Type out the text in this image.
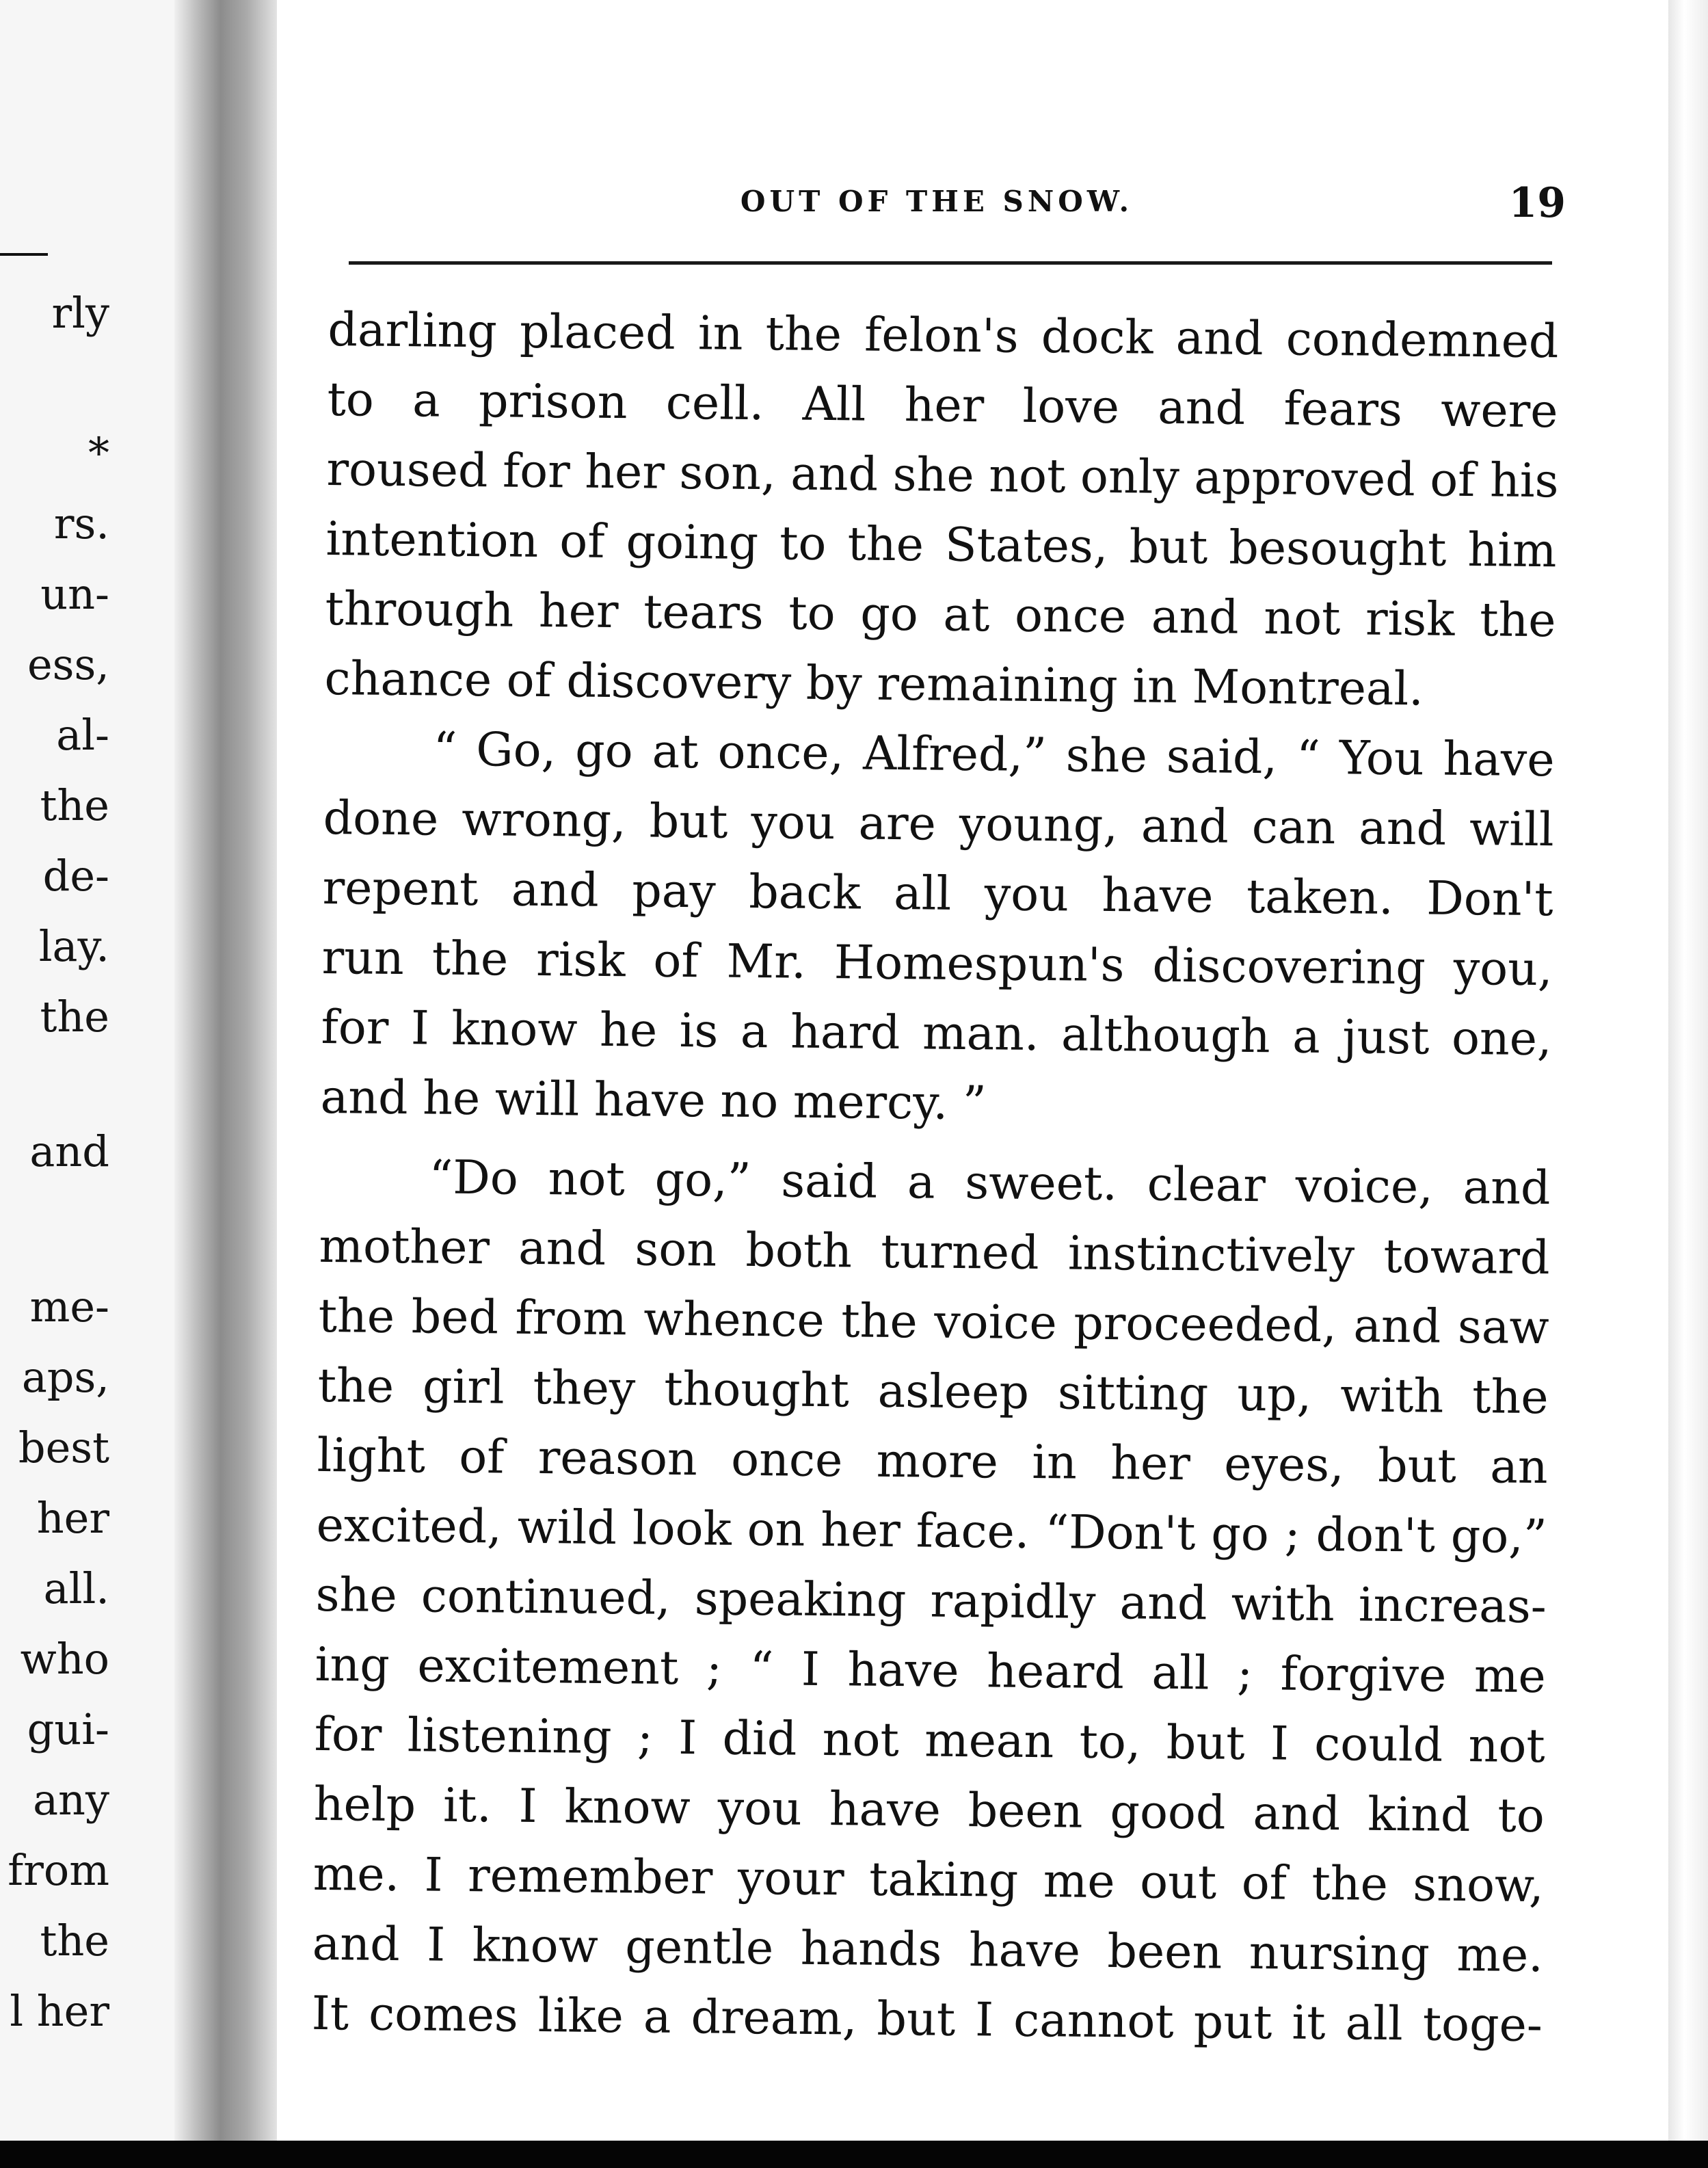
rly
*
rs.
un-
ess,
al-
the
de-
lay.
the
and
me-
aps,
best
her
all.
who
gui-
any
from
the
l her
OUT OF THE SNOW.	19
darling placed in the felon's dock and condemned
to a prison cell. All her love and fears were
roused for her son, and she not only approved of his
intention of going to the States, but besought him
through her tears to go at once and not risk the
chance of discovery by remaining in Montreal.
“ Go, go at once, Alfred,” she said, “ You have
done wrong, but you are young, and can and will
repent and pay back all you have taken. Don't
run the risk of Mr. Homespun's discovering you,
for I know he is a hard man. although a just one,
and he will have no mercy. ”
“Do not go,” said a sweet. clear voice, and
mother and son both turned instinctively toward
the bed from whence the voice proceeded, and saw
the girl they thought asleep sitting up, with the
light of reason once more in her eyes, but an
excited, wild look on her face. “Don't go ; don't go,”
she continued, speaking rapidly and with increas-
ing excitement ; “ I have heard all ; forgive me
for listening ; I did not mean to, but I could not
help it. I know you have been good and kind to
me. I remember your taking me out of the snow,
and I know gentle hands have been nursing me.
It comes like a dream, but I cannot put it all toge-
